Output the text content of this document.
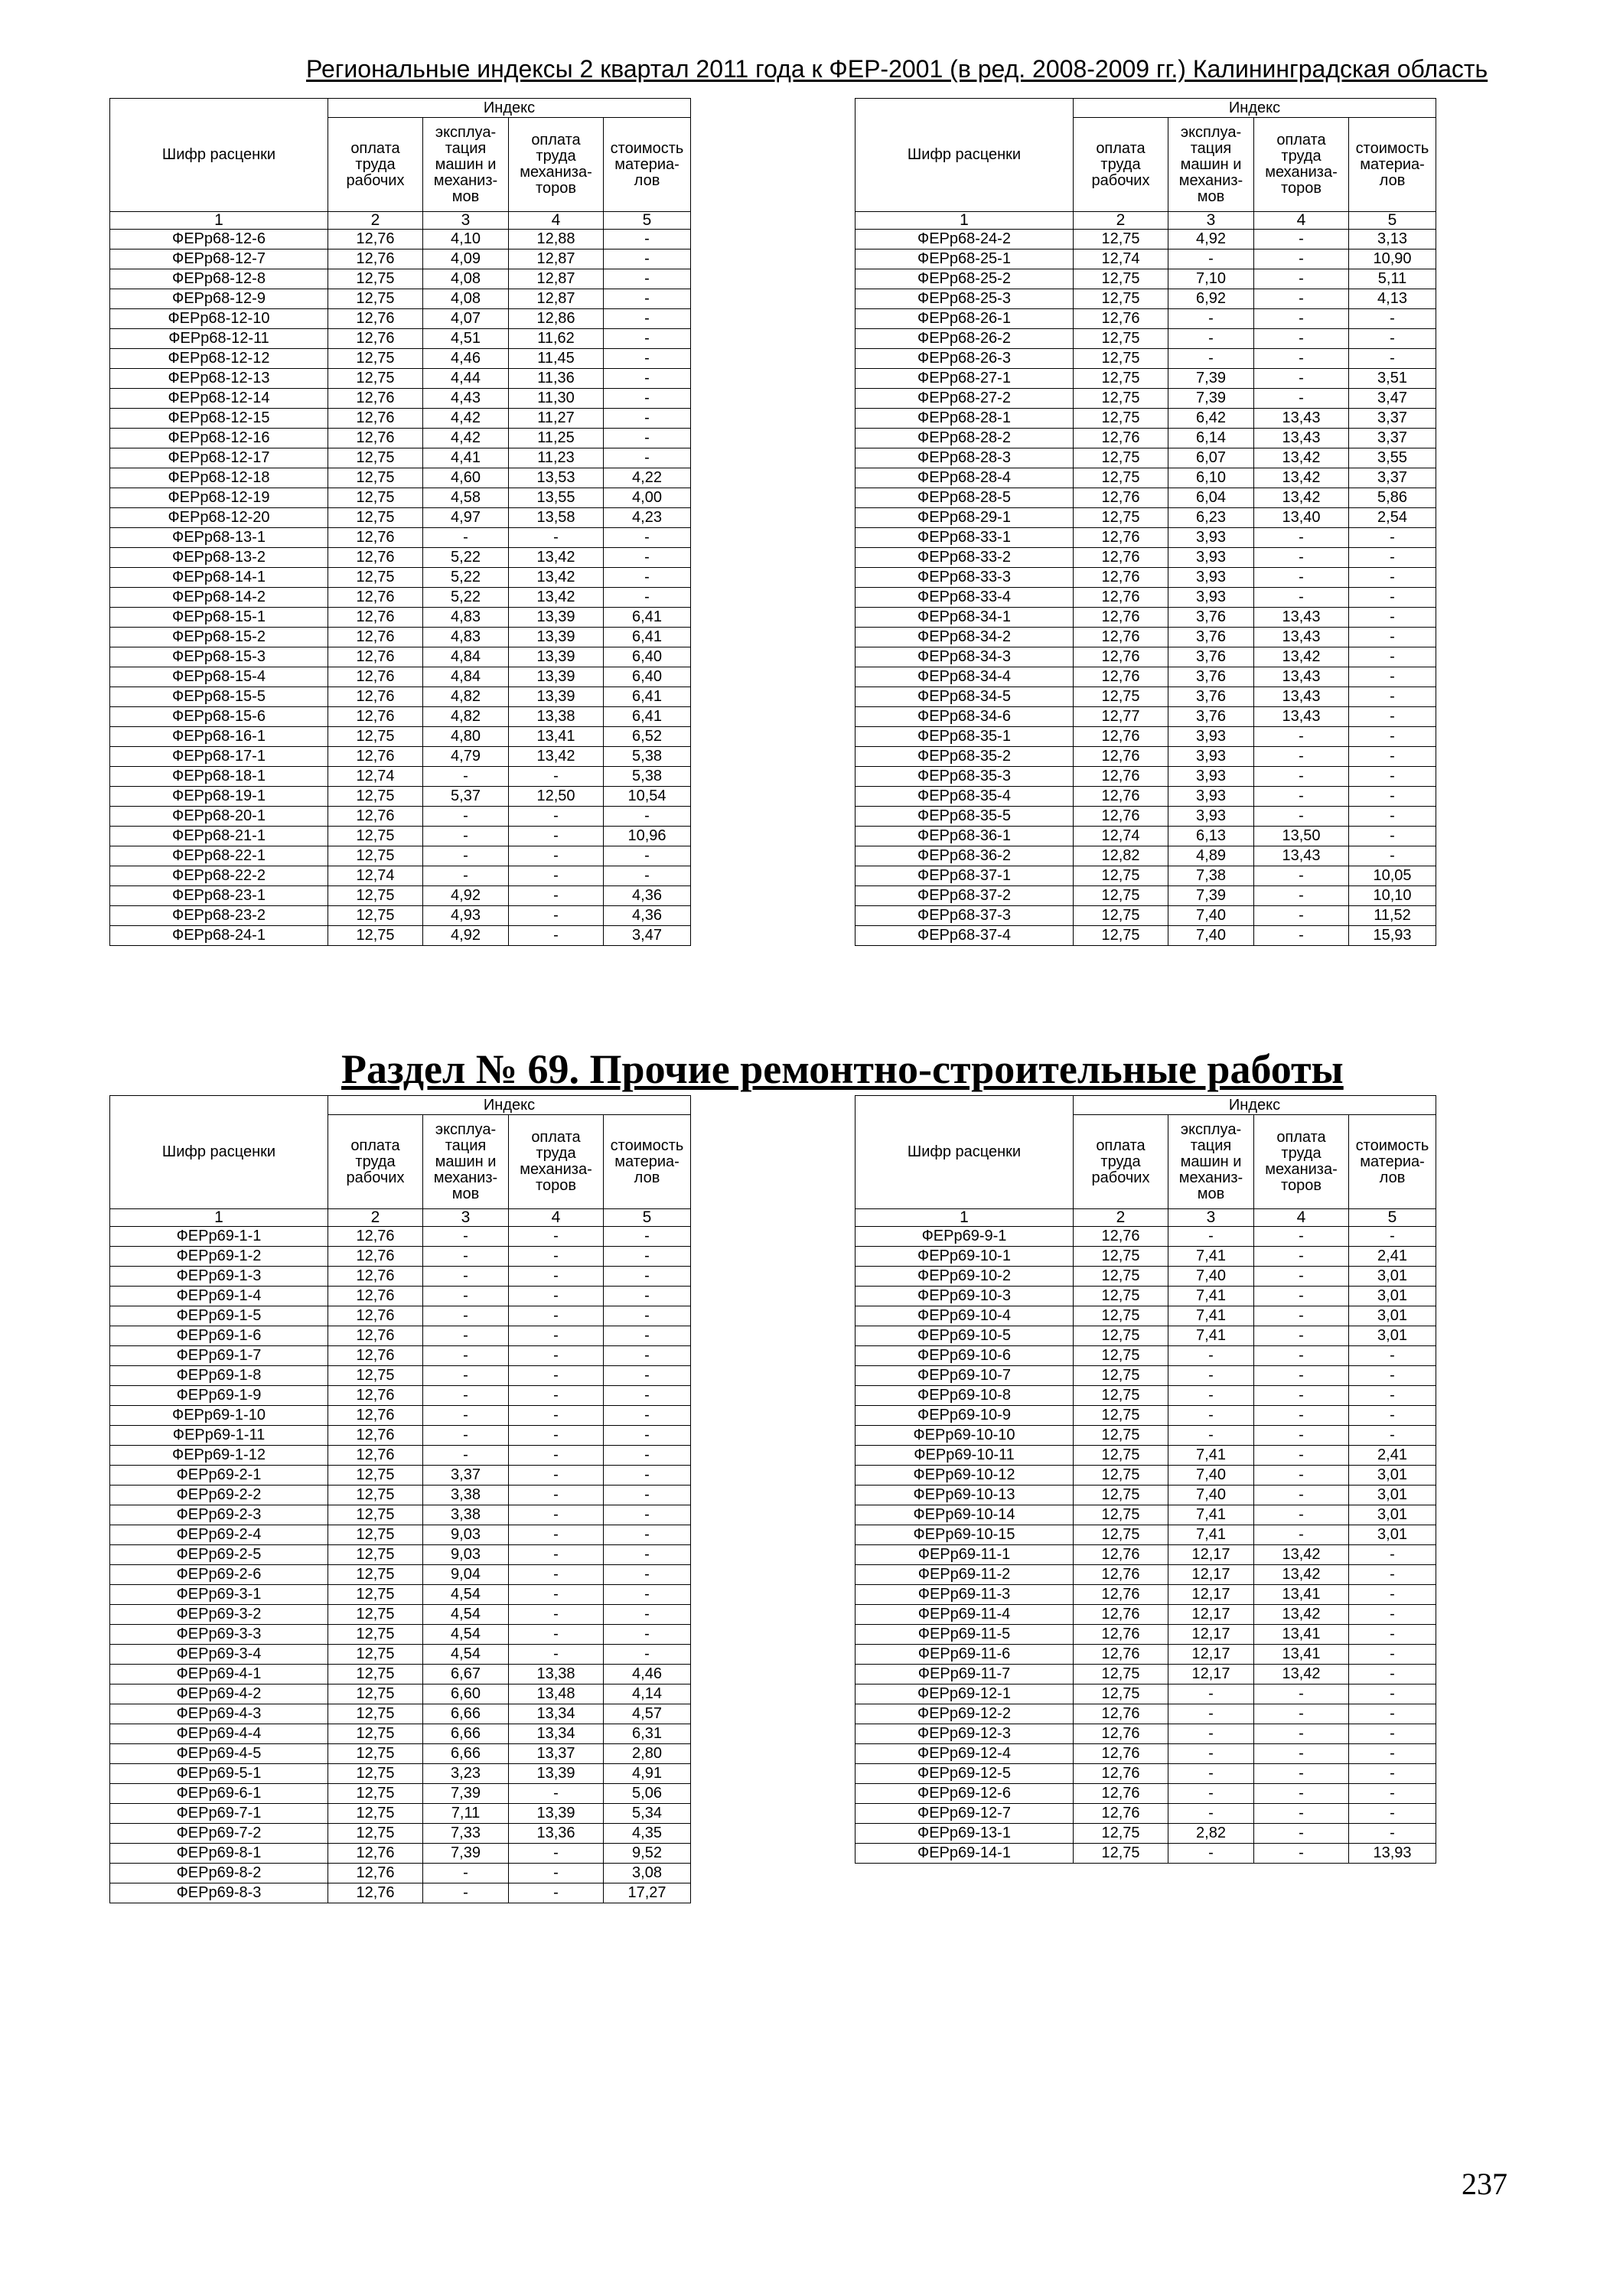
Региональные индексы 2 квартал 2011 года к ФЕР-2001 (в ред. 2008-2009 гг.) Калининградская область
Шифр расценки	Индекс			
	оплата труда рабочих	эксплуа-тация машин и механиз-мов	оплата труда механиза-торов	стоимость материа-лов
1	2	3	4	5
ФЕРр68-12-6	12,76	4,10	12,88	-
ФЕРр68-12-7	12,76	4,09	12,87	-
ФЕРр68-12-8	12,75	4,08	12,87	-
ФЕРр68-12-9	12,75	4,08	12,87	-
ФЕРр68-12-10	12,76	4,07	12,86	-
ФЕРр68-12-11	12,76	4,51	11,62	-
ФЕРр68-12-12	12,75	4,46	11,45	-
ФЕРр68-12-13	12,75	4,44	11,36	-
ФЕРр68-12-14	12,76	4,43	11,30	-
ФЕРр68-12-15	12,76	4,42	11,27	-
ФЕРр68-12-16	12,76	4,42	11,25	-
ФЕРр68-12-17	12,75	4,41	11,23	-
ФЕРр68-12-18	12,75	4,60	13,53	4,22
ФЕРр68-12-19	12,75	4,58	13,55	4,00
ФЕРр68-12-20	12,75	4,97	13,58	4,23
ФЕРр68-13-1	12,76	-	-	-
ФЕРр68-13-2	12,76	5,22	13,42	-
ФЕРр68-14-1	12,75	5,22	13,42	-
ФЕРр68-14-2	12,76	5,22	13,42	-
ФЕРр68-15-1	12,76	4,83	13,39	6,41
ФЕРр68-15-2	12,76	4,83	13,39	6,41
ФЕРр68-15-3	12,76	4,84	13,39	6,40
ФЕРр68-15-4	12,76	4,84	13,39	6,40
ФЕРр68-15-5	12,76	4,82	13,39	6,41
ФЕРр68-15-6	12,76	4,82	13,38	6,41
ФЕРр68-16-1	12,75	4,80	13,41	6,52
ФЕРр68-17-1	12,76	4,79	13,42	5,38
ФЕРр68-18-1	12,74	-	-	5,38
ФЕРр68-19-1	12,75	5,37	12,50	10,54
ФЕРр68-20-1	12,76	-	-	-
ФЕРр68-21-1	12,75	-	-	10,96
ФЕРр68-22-1	12,75	-	-	-
ФЕРр68-22-2	12,74	-	-	-
ФЕРр68-23-1	12,75	4,92	-	4,36
ФЕРр68-23-2	12,75	4,93	-	4,36
ФЕРр68-24-1	12,75	4,92	-	3,47
Шифр расценки	Индекс			
	оплата труда рабочих	эксплуа-тация машин и механиз-мов	оплата труда механиза-торов	стоимость материа-лов
1	2	3	4	5
ФЕРр68-24-2	12,75	4,92	-	3,13
ФЕРр68-25-1	12,74	-	-	10,90
ФЕРр68-25-2	12,75	7,10	-	5,11
ФЕРр68-25-3	12,75	6,92	-	4,13
ФЕРр68-26-1	12,76	-	-	-
ФЕРр68-26-2	12,75	-	-	-
ФЕРр68-26-3	12,75	-	-	-
ФЕРр68-27-1	12,75	7,39	-	3,51
ФЕРр68-27-2	12,75	7,39	-	3,47
ФЕРр68-28-1	12,75	6,42	13,43	3,37
ФЕРр68-28-2	12,76	6,14	13,43	3,37
ФЕРр68-28-3	12,75	6,07	13,42	3,55
ФЕРр68-28-4	12,75	6,10	13,42	3,37
ФЕРр68-28-5	12,76	6,04	13,42	5,86
ФЕРр68-29-1	12,75	6,23	13,40	2,54
ФЕРр68-33-1	12,76	3,93	-	-
ФЕРр68-33-2	12,76	3,93	-	-
ФЕРр68-33-3	12,76	3,93	-	-
ФЕРр68-33-4	12,76	3,93	-	-
ФЕРр68-34-1	12,76	3,76	13,43	-
ФЕРр68-34-2	12,76	3,76	13,43	-
ФЕРр68-34-3	12,76	3,76	13,42	-
ФЕРр68-34-4	12,76	3,76	13,43	-
ФЕРр68-34-5	12,75	3,76	13,43	-
ФЕРр68-34-6	12,77	3,76	13,43	-
ФЕРр68-35-1	12,76	3,93	-	-
ФЕРр68-35-2	12,76	3,93	-	-
ФЕРр68-35-3	12,76	3,93	-	-
ФЕРр68-35-4	12,76	3,93	-	-
ФЕРр68-35-5	12,76	3,93	-	-
ФЕРр68-36-1	12,74	6,13	13,50	-
ФЕРр68-36-2	12,82	4,89	13,43	-
ФЕРр68-37-1	12,75	7,38	-	10,05
ФЕРр68-37-2	12,75	7,39	-	10,10
ФЕРр68-37-3	12,75	7,40	-	11,52
ФЕРр68-37-4	12,75	7,40	-	15,93
Раздел № 69. Прочие ремонтно-строительные работы
Шифр расценки	Индекс			
	оплата труда рабочих	эксплуа-тация машин и механиз-мов	оплата труда механиза-торов	стоимость материа-лов
1	2	3	4	5
ФЕРр69-1-1	12,76	-	-	-
ФЕРр69-1-2	12,76	-	-	-
ФЕРр69-1-3	12,76	-	-	-
ФЕРр69-1-4	12,76	-	-	-
ФЕРр69-1-5	12,76	-	-	-
ФЕРр69-1-6	12,76	-	-	-
ФЕРр69-1-7	12,76	-	-	-
ФЕРр69-1-8	12,75	-	-	-
ФЕРр69-1-9	12,76	-	-	-
ФЕРр69-1-10	12,76	-	-	-
ФЕРр69-1-11	12,76	-	-	-
ФЕРр69-1-12	12,76	-	-	-
ФЕРр69-2-1	12,75	3,37	-	-
ФЕРр69-2-2	12,75	3,38	-	-
ФЕРр69-2-3	12,75	3,38	-	-
ФЕРр69-2-4	12,75	9,03	-	-
ФЕРр69-2-5	12,75	9,03	-	-
ФЕРр69-2-6	12,75	9,04	-	-
ФЕРр69-3-1	12,75	4,54	-	-
ФЕРр69-3-2	12,75	4,54	-	-
ФЕРр69-3-3	12,75	4,54	-	-
ФЕРр69-3-4	12,75	4,54	-	-
ФЕРр69-4-1	12,75	6,67	13,38	4,46
ФЕРр69-4-2	12,75	6,60	13,48	4,14
ФЕРр69-4-3	12,75	6,66	13,34	4,57
ФЕРр69-4-4	12,75	6,66	13,34	6,31
ФЕРр69-4-5	12,75	6,66	13,37	2,80
ФЕРр69-5-1	12,75	3,23	13,39	4,91
ФЕРр69-6-1	12,75	7,39	-	5,06
ФЕРр69-7-1	12,75	7,11	13,39	5,34
ФЕРр69-7-2	12,75	7,33	13,36	4,35
ФЕРр69-8-1	12,76	7,39	-	9,52
ФЕРр69-8-2	12,76	-	-	3,08
ФЕРр69-8-3	12,76	-	-	17,27
Шифр расценки	Индекс			
	оплата труда рабочих	эксплуа-тация машин и механиз-мов	оплата труда механиза-торов	стоимость материа-лов
1	2	3	4	5
ФЕРр69-9-1	12,76	-	-	-
ФЕРр69-10-1	12,75	7,41	-	2,41
ФЕРр69-10-2	12,75	7,40	-	3,01
ФЕРр69-10-3	12,75	7,41	-	3,01
ФЕРр69-10-4	12,75	7,41	-	3,01
ФЕРр69-10-5	12,75	7,41	-	3,01
ФЕРр69-10-6	12,75	-	-	-
ФЕРр69-10-7	12,75	-	-	-
ФЕРр69-10-8	12,75	-	-	-
ФЕРр69-10-9	12,75	-	-	-
ФЕРр69-10-10	12,75	-	-	-
ФЕРр69-10-11	12,75	7,41	-	2,41
ФЕРр69-10-12	12,75	7,40	-	3,01
ФЕРр69-10-13	12,75	7,40	-	3,01
ФЕРр69-10-14	12,75	7,41	-	3,01
ФЕРр69-10-15	12,75	7,41	-	3,01
ФЕРр69-11-1	12,76	12,17	13,42	-
ФЕРр69-11-2	12,76	12,17	13,42	-
ФЕРр69-11-3	12,76	12,17	13,41	-
ФЕРр69-11-4	12,76	12,17	13,42	-
ФЕРр69-11-5	12,76	12,17	13,41	-
ФЕРр69-11-6	12,76	12,17	13,41	-
ФЕРр69-11-7	12,75	12,17	13,42	-
ФЕРр69-12-1	12,75	-	-	-
ФЕРр69-12-2	12,76	-	-	-
ФЕРр69-12-3	12,76	-	-	-
ФЕРр69-12-4	12,76	-	-	-
ФЕРр69-12-5	12,76	-	-	-
ФЕРр69-12-6	12,76	-	-	-
ФЕРр69-12-7	12,76	-	-	-
ФЕРр69-13-1	12,75	2,82	-	-
ФЕРр69-14-1	12,75	-	-	13,93
237
